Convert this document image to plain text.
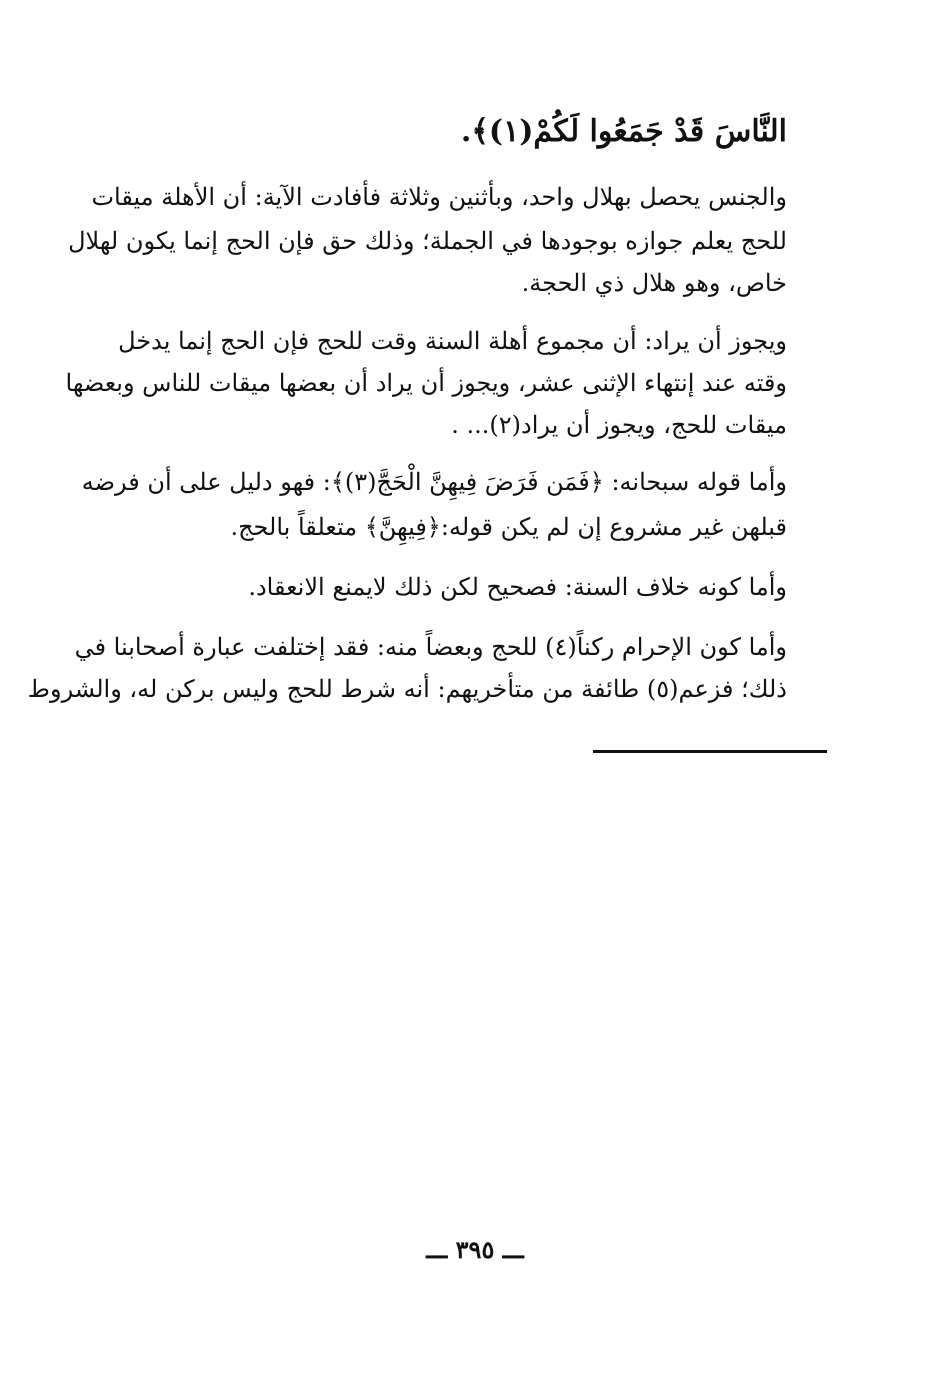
النَّاسَ قَدْ جَمَعُوا لَكُمْ(١)﴾.
والجنس يحصل بهلال واحد، وبأثنين وثلاثة فأفادت الآية: أن الأهلة ميقات
للحج يعلم جوازه بوجودها في الجملة؛ وذلك حق فإن الحج إنما يكون لهلال
خاص، وهو هلال ذي الحجة.
ويجوز أن يراد: أن مجموع أهلة السنة وقت للحج فإن الحج إنما يدخل
وقته عند إنتهاء الإثنى عشر، ويجوز أن يراد أن بعضها ميقات للناس وبعضها
ميقات للحج، ويجوز أن يراد(٢)... .
وأما قوله سبحانه: ﴿فَمَن فَرَضَ فِيهِنَّ الْحَجَّ(٣)﴾: فهو دليل على أن فرضه
قبلهن غير مشروع إن لم يكن قوله:﴿فِيهِنَّ﴾ متعلقاً بالحج.
وأما كونه خلاف السنة: فصحيح لكن ذلك لايمنع الانعقاد.
وأما كون الإحرام ركناً(٤) للحج وبعضاً منه: فقد إختلفت عبارة أصحابنا في
ذلك؛ فزعم(٥) طائفة من متأخريهم: أنه شرط للحج وليس بركن له، والشروط
ـــ ٣٩٥ ـــ
